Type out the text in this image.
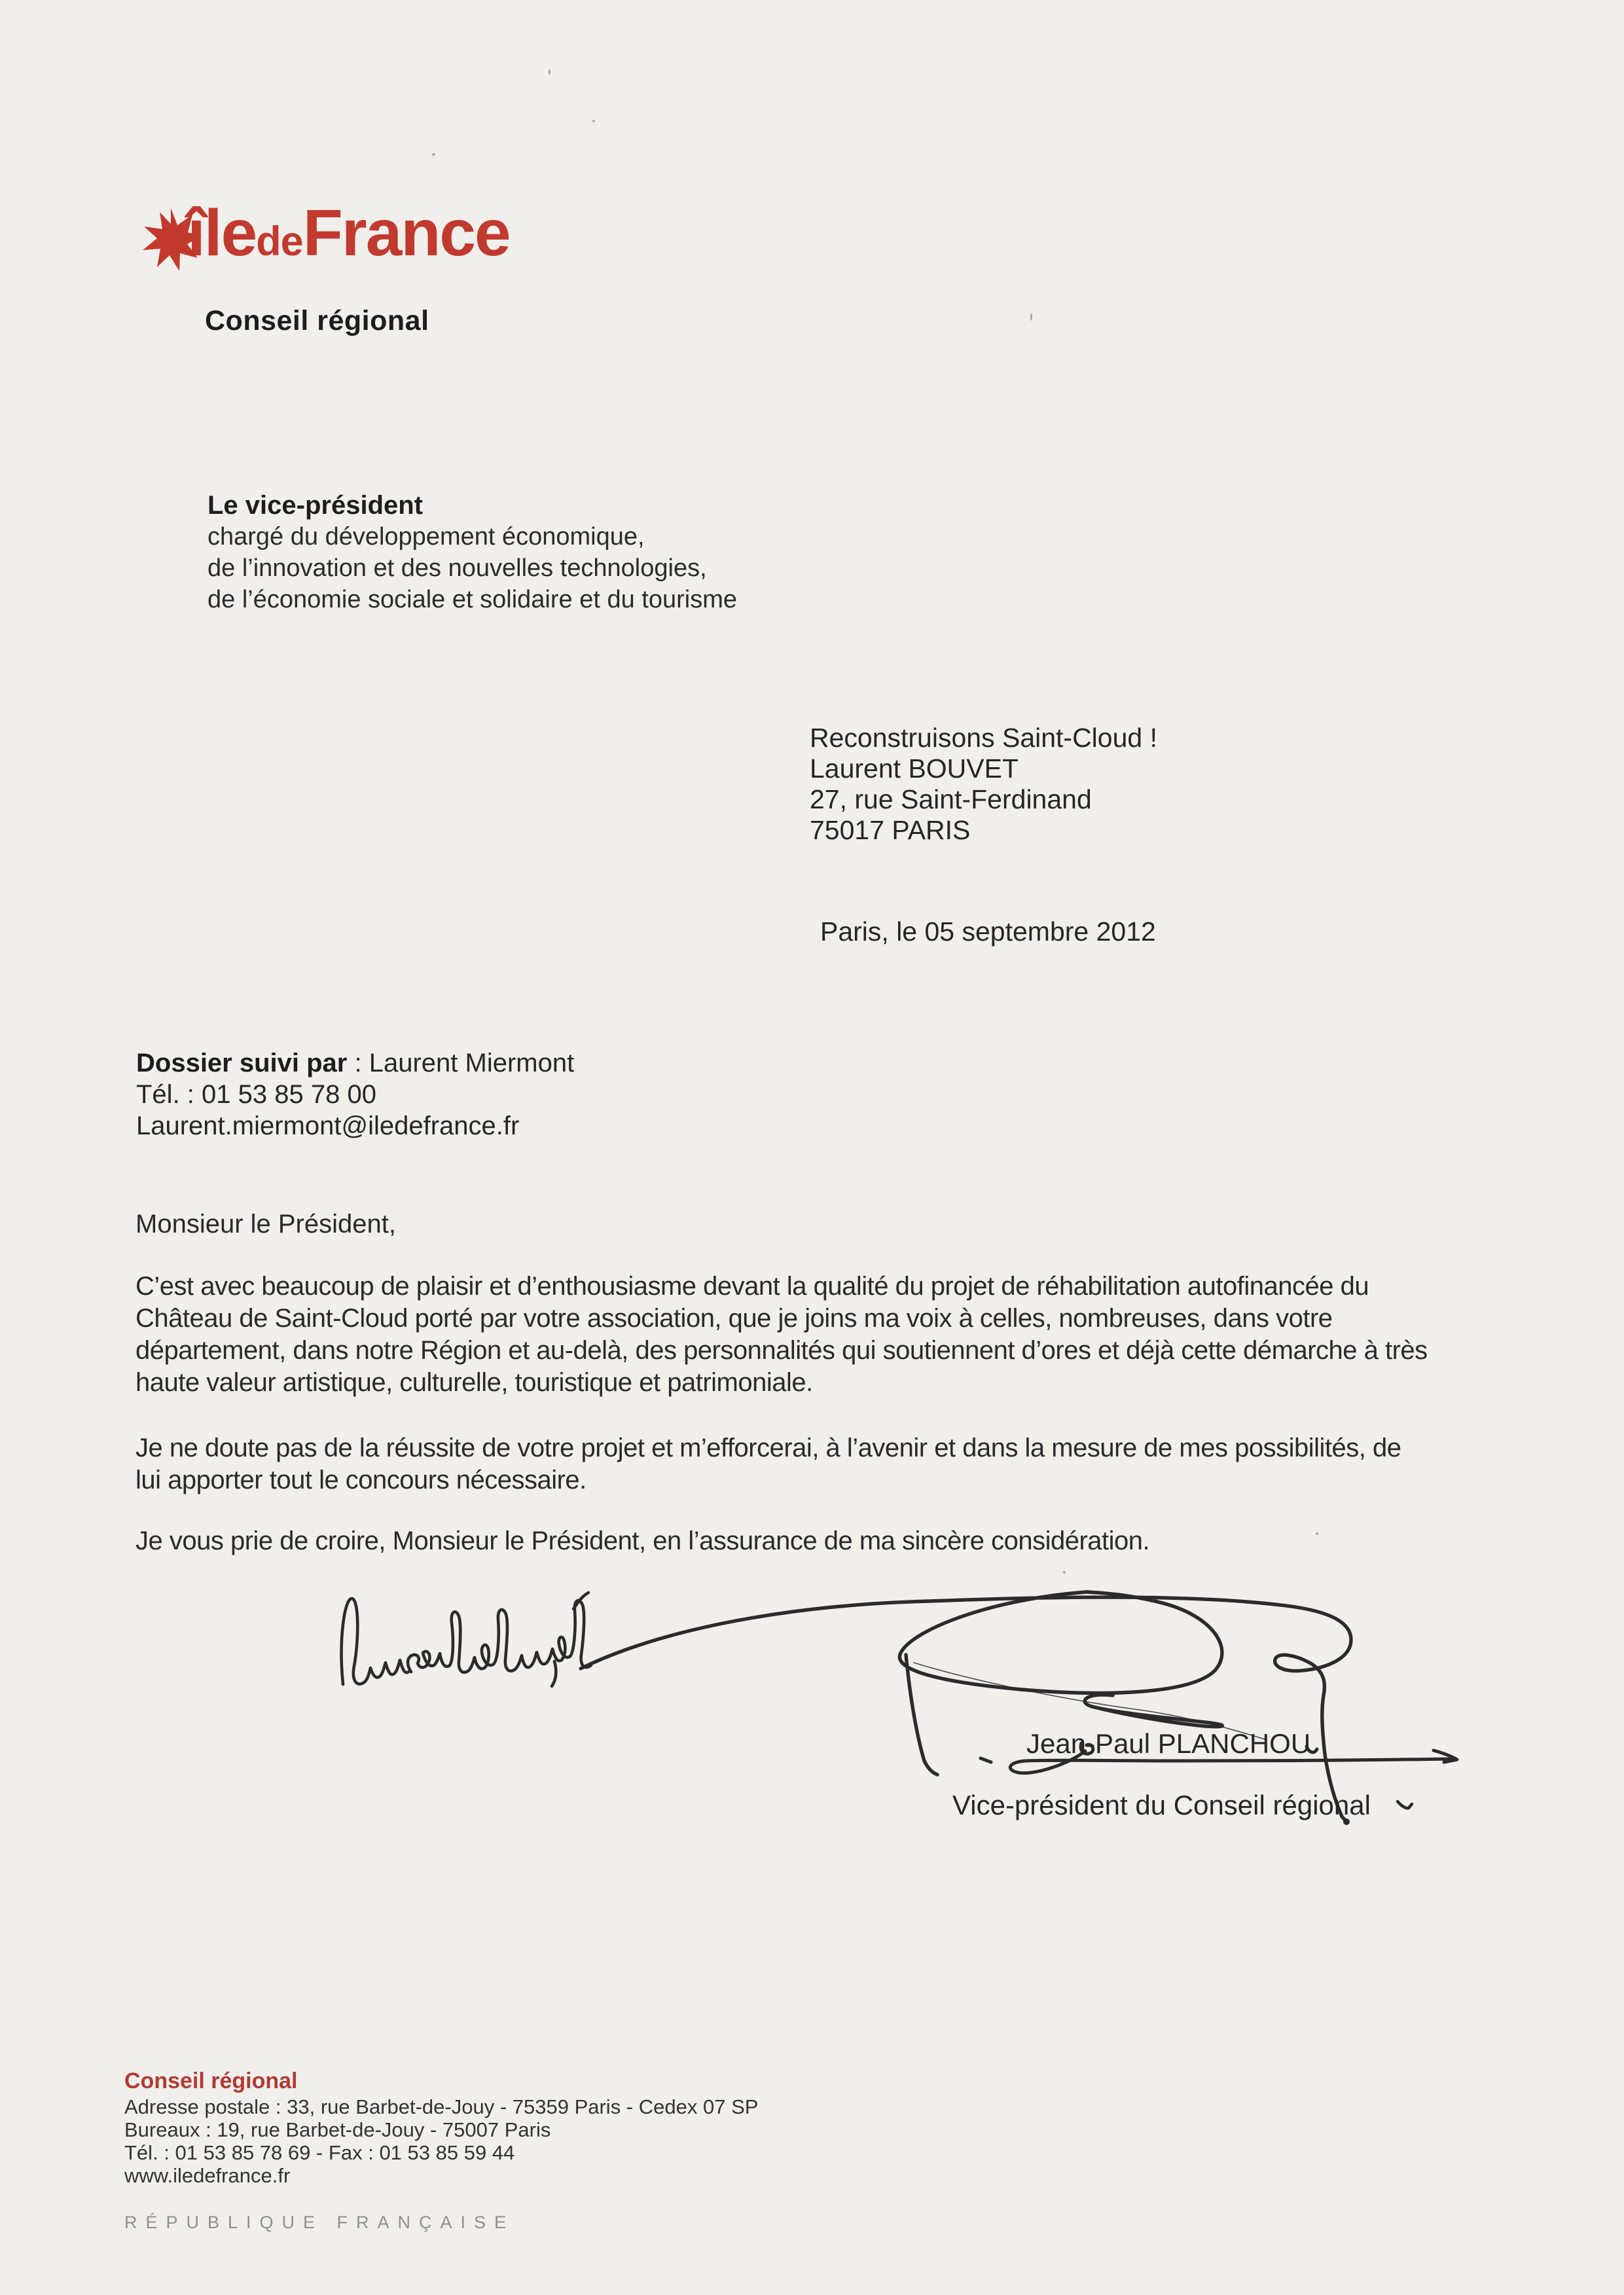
îledeFrance
Conseil régional
Le vice-président
chargé du développement économique,
de l’innovation et des nouvelles technologies,
de l’économie sociale et solidaire et du tourisme
Reconstruisons Saint-Cloud !
Laurent BOUVET
27, rue Saint-Ferdinand
75017 PARIS
Paris, le 05 septembre 2012
Dossier suivi par : Laurent Miermont
Tél. : 01 53 85 78 00
Laurent.miermont@iledefrance.fr
Monsieur le Président,
C’est avec beaucoup de plaisir et d’enthousiasme devant la qualité du projet de réhabilitation autofinancée du
Château de Saint-Cloud porté par votre association, que je joins ma voix à celles, nombreuses, dans votre
département, dans notre Région et au-delà, des personnalités qui soutiennent d’ores et déjà cette démarche à très
haute valeur artistique, culturelle, touristique et patrimoniale.
Je ne doute pas de la réussite de votre projet et m’efforcerai, à l’avenir et dans la mesure de mes possibilités, de
lui apporter tout le concours nécessaire.
Je vous prie de croire, Monsieur le Président, en l’assurance de ma sincère considération.
Jean-Paul PLANCHOU
Vice-président du Conseil régional
Conseil régional
Adresse postale : 33, rue Barbet-de-Jouy - 75359 Paris - Cedex 07 SP
Bureaux : 19, rue Barbet-de-Jouy - 75007 Paris
Tél. : 01 53 85 78 69 - Fax : 01 53 85 59 44
www.iledefrance.fr
RÉPUBLIQUE FRANÇAISE
